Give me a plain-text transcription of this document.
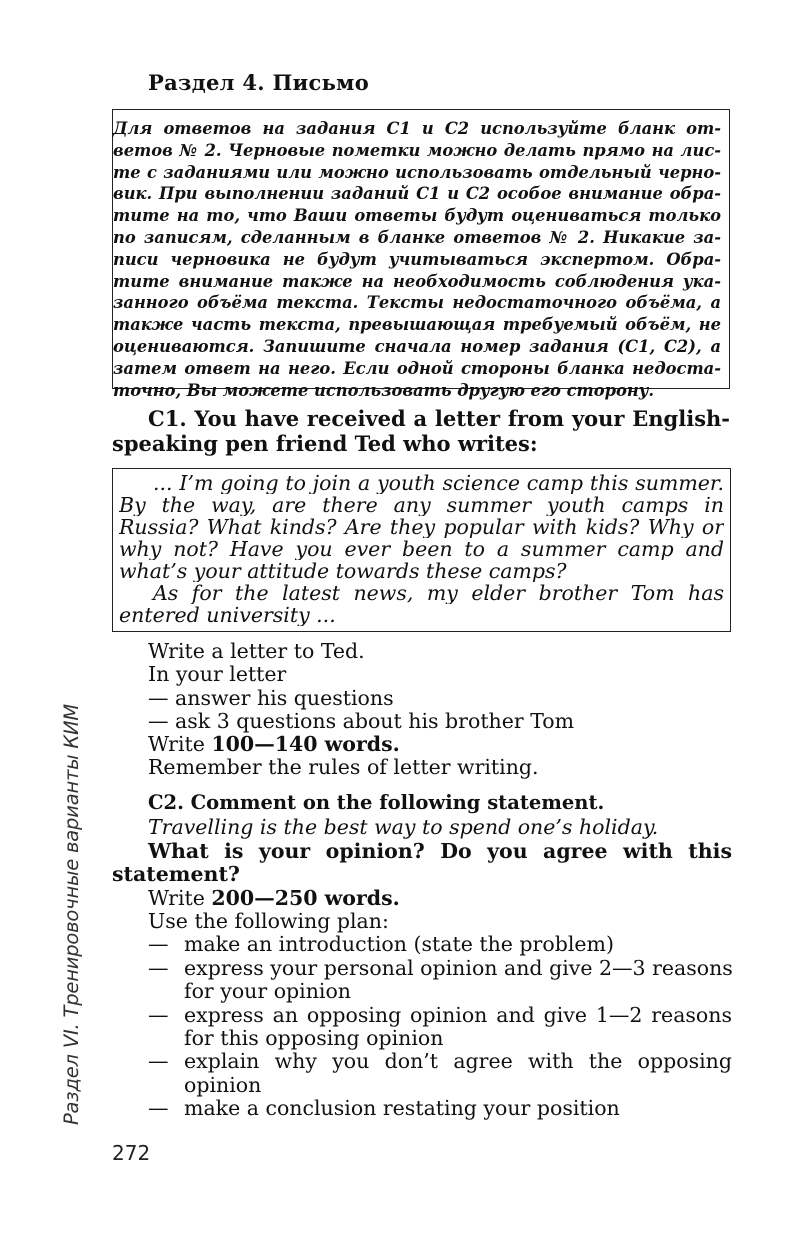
Раздел 4. Письмо
Для ответов на задания C1 и C2 используйте бланк от-
ветов № 2. Черновые пометки можно делать прямо на лис-
те с заданиями или можно использовать отдельный черно-
вик. При выполнении заданий C1 и C2 особое внимание обра-
тите на то, что Ваши ответы будут оцениваться только
по записям, сделанным в бланке ответов № 2. Никакие за-
писи черновика не будут учитываться экспертом. Обра-
тите внимание также на необходимость соблюдения ука-
занного объёма текста. Тексты недостаточного объёма, а
также часть текста, превышающая требуемый объём, не
оцениваются. Запишите сначала номер задания (C1, C2), а
затем ответ на него. Если одной стороны бланка недоста-
точно, Вы можете использовать другую его сторону.
C1. You have received a letter from your English-
speaking pen friend Ted who writes:
... I’m going to join a youth science camp this summer.
By the way, are there any summer youth camps in
Russia? What kinds? Are they popular with kids? Why or
why not? Have you ever been to a summer camp and
what’s your attitude towards these camps?
As for the latest news, my elder brother Tom has
entered university ...
Write a letter to Ted.
In your letter
— answer his questions
— ask 3 questions about his brother Tom
Write 100—140 words.
Remember the rules of letter writing.
C2. Comment on the following statement.
Travelling is the best way to spend one’s holiday.
What is your opinion? Do you agree with this
statement?
Write 200—250 words.
Use the following plan:
— make an introduction (state the problem)
— express your personal opinion and give 2—3 reasons
for your opinion
— express an opposing opinion and give 1—2 reasons
for this opposing opinion
— explain why you don’t agree with the opposing
opinion
— make a conclusion restating your position
Раздел VI. Тренировочные варианты КИМ
272
